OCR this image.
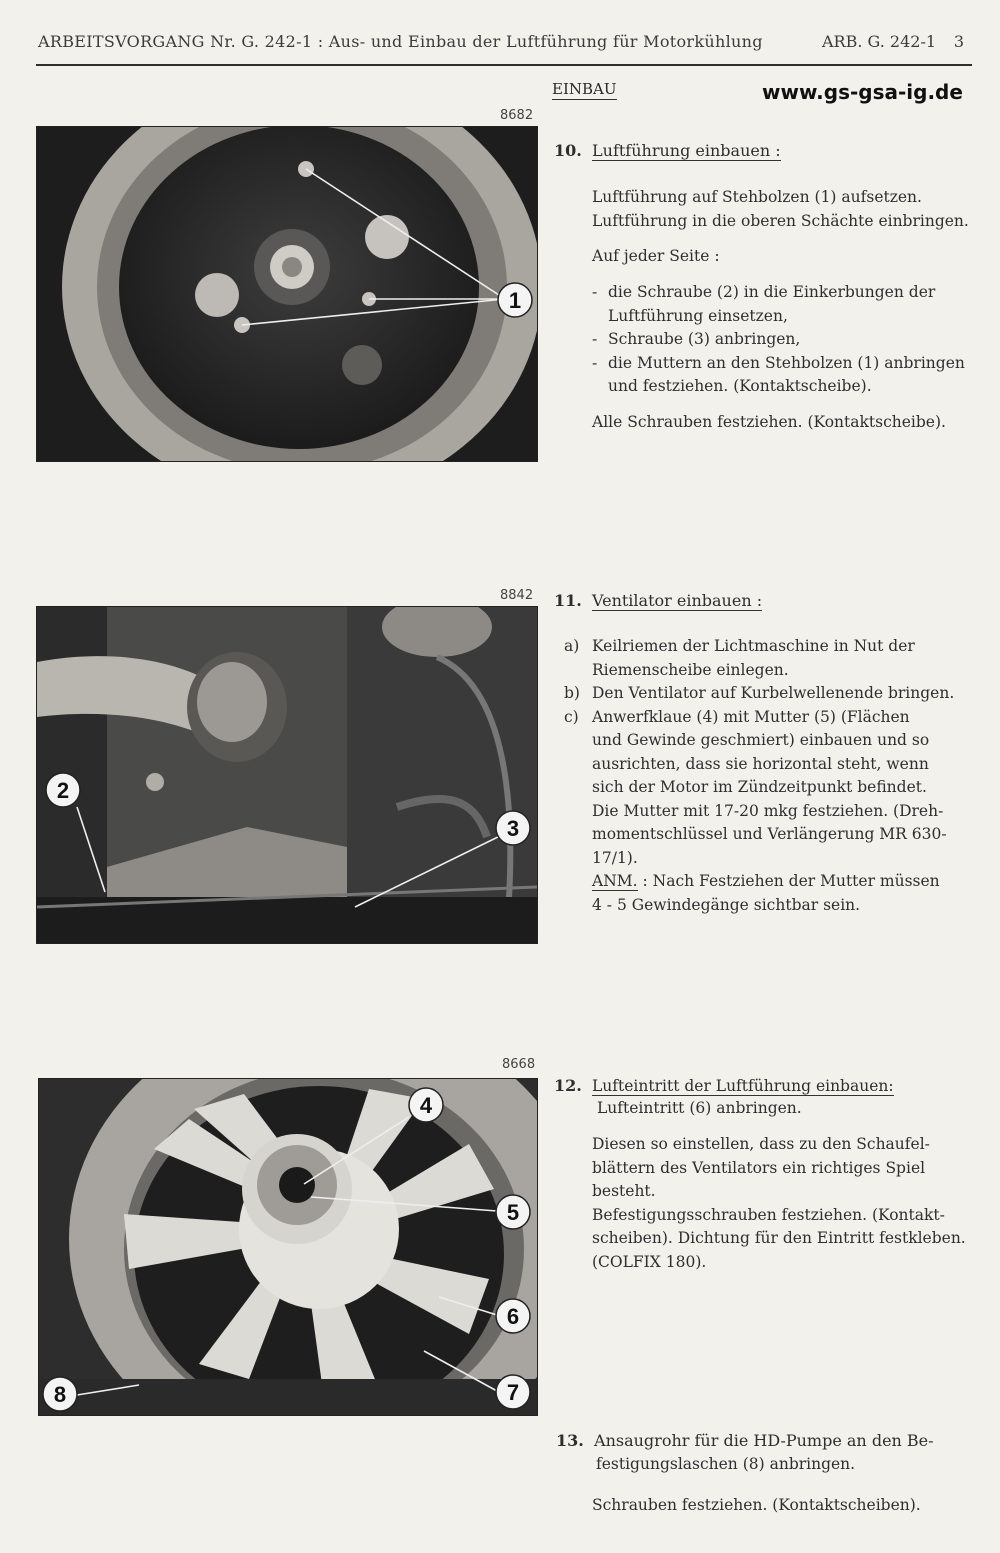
ARBEITSVORGANG Nr. G. 242-1 : Aus- und Einbau der Luftführung für Motorkühlung	ARB. G. 242-1 3
EINBAU	www.gs-gsa-ig.de
8682
1
10. Luftführung einbauen :
Luftführung auf Stehbolzen (1) aufsetzen.
Luftführung in die oberen Schächte einbringen.
Auf jeder Seite :
- die Schraube (2) in die Einkerbungen der
Luftführung einsetzen,
- Schraube (3) anbringen,
- die Muttern an den Stehbolzen (1) anbringen
und festziehen. (Kontaktscheibe).
Alle Schrauben festziehen. (Kontaktscheibe).
8842
2
3
11. Ventilator einbauen :
a) Keilriemen der Lichtmaschine in Nut der
Riemenscheibe einlegen.
b) Den Ventilator auf Kurbelwellenende bringen.
c) Anwerfklaue (4) mit Mutter (5) (Flächen
und Gewinde geschmiert) einbauen und so
ausrichten, dass sie horizontal steht, wenn
sich der Motor im Zündzeitpunkt befindet.
Die Mutter mit 17-20 mkg festziehen. (Dreh-
momentschlüssel und Verlängerung MR 630-
17/1).
ANM. : Nach Festziehen der Mutter müssen
4 - 5 Gewindegänge sichtbar sein.
8668
4
5
6
7
8
12. Lufteintritt der Luftführung einbauen:
Lufteintritt (6) anbringen.
Diesen so einstellen, dass zu den Schaufel-
blättern des Ventilators ein richtiges Spiel
besteht.
Befestigungsschrauben festziehen. (Kontakt-
scheiben). Dichtung für den Eintritt festkleben.
(COLFIX 180).
13. Ansaugrohr für die HD-Pumpe an den Be-
festigungslaschen (8) anbringen.
Schrauben festziehen. (Kontaktscheiben).
